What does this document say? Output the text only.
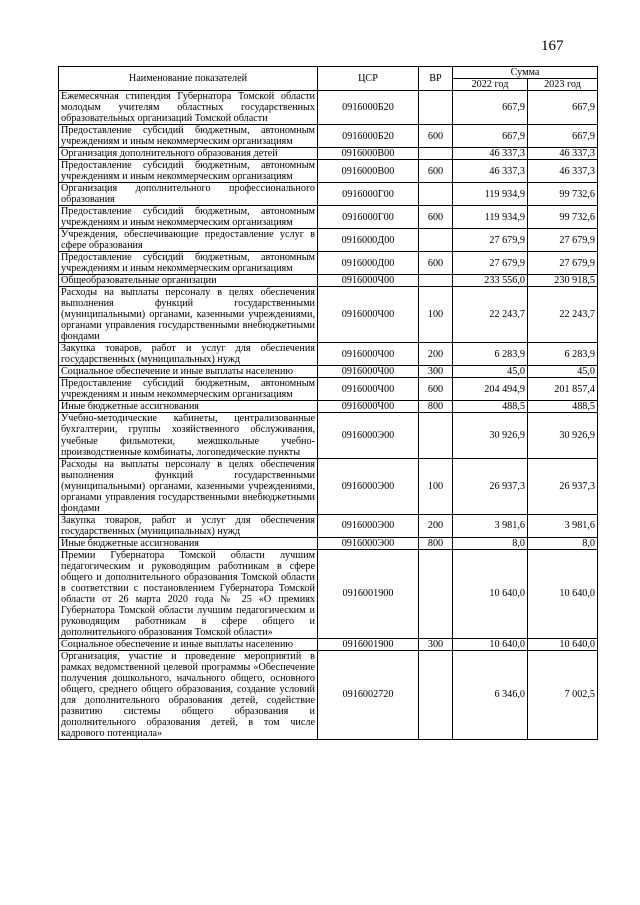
167
Наименование показателей	ЦСР	ВР	Сумма	
			2022 год	2023 год
Ежемесячная стипендия Губернатора Томской области молодым учителям областных государственных образовательных организаций Томской области	0916000Б20		667,9	667,9
Предоставление субсидий бюджетным, автономным учреждениям и иным некоммерческим организациям	0916000Б20	600	667,9	667,9
Организация дополнительного образования детей	0916000В00		46 337,3	46 337,3
Предоставление субсидий бюджетным, автономным учреждениям и иным некоммерческим организациям	0916000В00	600	46 337,3	46 337,3
Организация дополнительного профессионального образования	0916000Г00		119 934,9	99 732,6
Предоставление субсидий бюджетным, автономным учреждениям и иным некоммерческим организациям	0916000Г00	600	119 934,9	99 732,6
Учреждения, обеспечивающие предоставление услуг в сфере образования	0916000Д00		27 679,9	27 679,9
Предоставление субсидий бюджетным, автономным учреждениям и иным некоммерческим организациям	0916000Д00	600	27 679,9	27 679,9
Общеобразовательные организации	0916000Ч00		233 556,0	230 918,5
Расходы на выплаты персоналу в целях обеспечения выполнения функций государственными (муниципальными) органами, казенными учреждениями, органами управления государственными внебюджетными фондами	0916000Ч00	100	22 243,7	22 243,7
Закупка товаров, работ и услуг для обеспечения государственных (муниципальных) нужд	0916000Ч00	200	6 283,9	6 283,9
Социальное обеспечение и иные выплаты населению	0916000Ч00	300	45,0	45,0
Предоставление субсидий бюджетным, автономным учреждениям и иным некоммерческим организациям	0916000Ч00	600	204 494,9	201 857,4
Иные бюджетные ассигнования	0916000Ч00	800	488,5	488,5
Учебно-методические кабинеты, централизованные бухгалтерии, группы хозяйственного обслуживания, учебные фильмотеки, межшкольные учебно-производственные комбинаты, логопедические пункты	0916000Э00		30 926,9	30 926,9
Расходы на выплаты персоналу в целях обеспечения выполнения функций государственными (муниципальными) органами, казенными учреждениями, органами управления государственными внебюджетными фондами	0916000Э00	100	26 937,3	26 937,3
Закупка товаров, работ и услуг для обеспечения государственных (муниципальных) нужд	0916000Э00	200	3 981,6	3 981,6
Иные бюджетные ассигнования	0916000Э00	800	8,0	8,0
Премии Губернатора Томской области лучшим педагогическим и руководящим работникам в сфере общего и дополнительного образования Томской области в соответствии с постановлением Губернатора Томской области от 26 марта 2020 года № 25 «О премиях Губернатора Томской области лучшим педагогическим и руководящим работникам в сфере общего и дополнительного образования Томской области»	0916001900		10 640,0	10 640,0
Социальное обеспечение и иные выплаты населению	0916001900	300	10 640,0	10 640,0
Организация, участие и проведение мероприятий в рамках ведомственной целевой программы «Обеспечение получения дошкольного, начального общего, основного общего, среднего общего образования, создание условий для дополнительного образования детей, содействие развитию системы общего образования и дополнительного образования детей, в том числе кадрового потенциала»	0916002720		6 346,0	7 002,5
